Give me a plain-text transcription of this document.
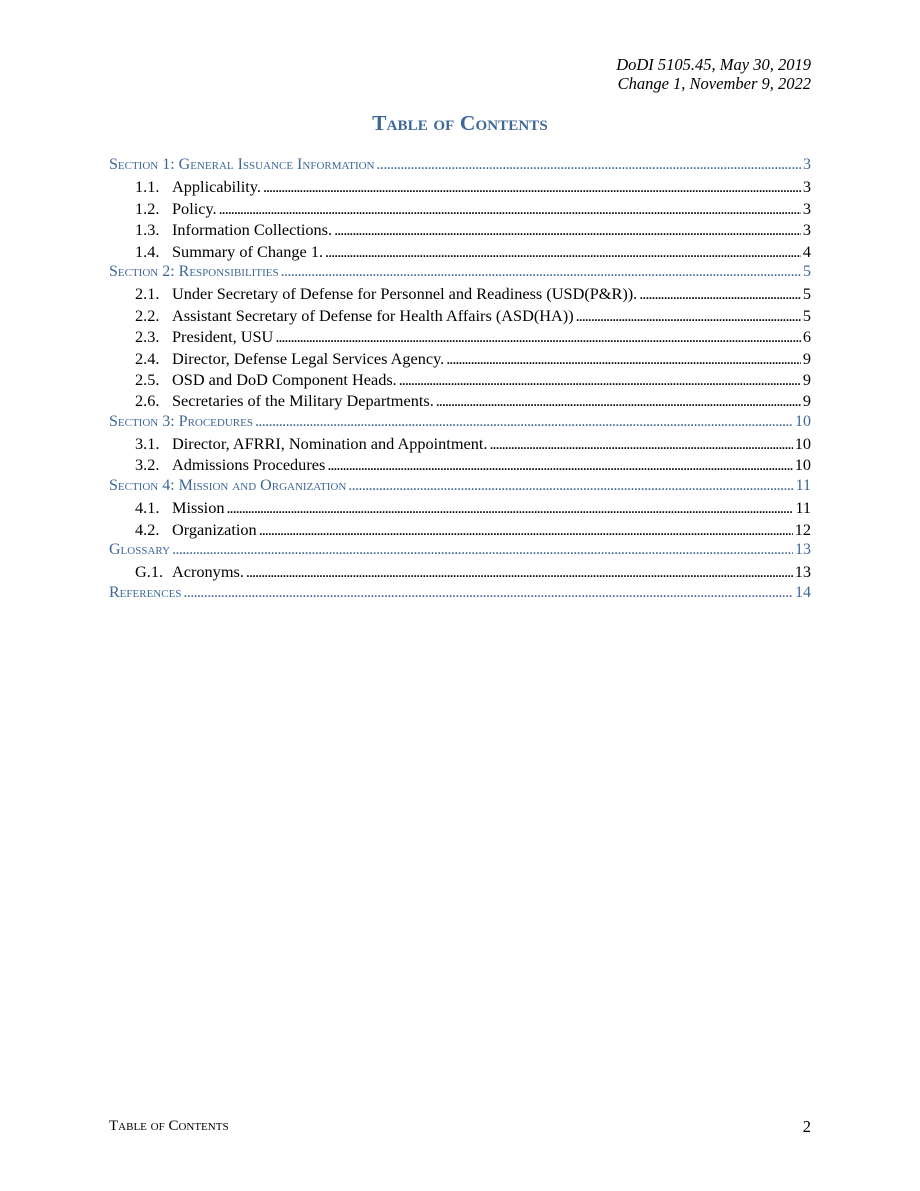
DoDI 5105.45, May 30, 2019
Change 1, November 9, 2022
Table of Contents
Section 1: General Issuance Information . . .	3
1.1. Applicability. . . .	3
1.2. Policy. . . .	3
1.3. Information Collections. . . .	3
1.4. Summary of Change 1. . . .	4
Section 2: Responsibilities . . .	5
2.1. Under Secretary of Defense for Personnel and Readiness (USD(P&R)). . . .	5
2.2. Assistant Secretary of Defense for Health Affairs (ASD(HA)) . . .	5
2.3. President, USU . . .	6
2.4. Director, Defense Legal Services Agency. . . .	9
2.5. OSD and DoD Component Heads. . . .	9
2.6. Secretaries of the Military Departments. . . .	9
Section 3: Procedures . . .	10
3.1. Director, AFRRI, Nomination and Appointment. . . .	10
3.2. Admissions Procedures . . .	10
Section 4: Mission and Organization . . .	11
4.1. Mission . . .	11
4.2. Organization . . .	12
Glossary . . .	13
G.1. Acronyms. . . .	13
References . . .	14
Table of Contents	2
